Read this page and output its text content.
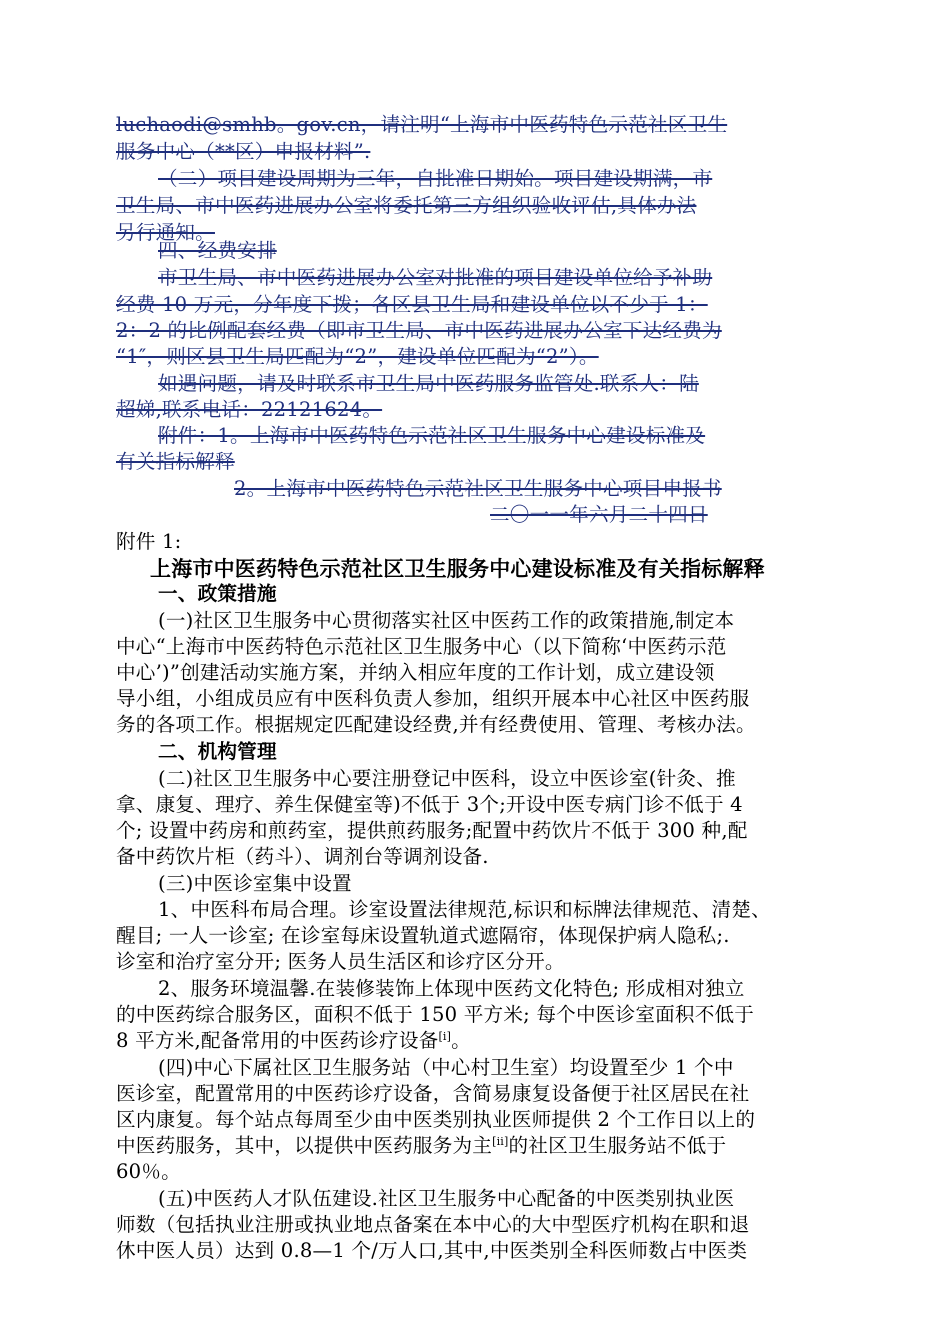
luchaodi@smhb。gov.cn，请注明“上海市中医药特色示范社区卫生
服务中心（**区）申报材料”.
（二）项目建设周期为三年，自批准日期始。项目建设期满，市
卫生局、市中医药进展办公室将委托第三方组织验收评估,具体办法
另行通知。
四、经费安排
市卫生局、市中医药进展办公室对批准的项目建设单位给予补助
经费 10 万元，分年度下拨；各区县卫生局和建设单位以不少于 1：
2：2 的比例配套经费（即市卫生局、市中医药进展办公室下达经费为
“1″，则区县卫生局匹配为“2”，建设单位匹配为“2”）。
如遇问题，请及时联系市卫生局中医药服务监管处.联系人：陆
超娣,联系电话：22121624。
附件：1。上海市中医药特色示范社区卫生服务中心建设标准及
有关指标解释
2。上海市中医药特色示范社区卫生服务中心项目申报书
二〇一一年六月二十四日
附件 1:
上海市中医药特色示范社区卫生服务中心建设标准及有关指标解释
一、政策措施
(一)社区卫生服务中心贯彻落实社区中医药工作的政策措施,制定本
中心“上海市中医药特色示范社区卫生服务中心（以下简称‘中医药示范
中心’)”创建活动实施方案，并纳入相应年度的工作计划，成立建设领
导小组，小组成员应有中医科负责人参加，组织开展本中心社区中医药服
务的各项工作。根据规定匹配建设经费,并有经费使用、管理、考核办法。
二、机构管理
(二)社区卫生服务中心要注册登记中医科，设立中医诊室(针灸、推
拿、康复、理疗、养生保健室等)不低于 3个;开设中医专病门诊不低于 4
个; 设置中药房和煎药室，提供煎药服务;配置中药饮片不低于 300 种,配
备中药饮片柜（药斗）、调剂台等调剂设备.
(三)中医诊室集中设置
1、中医科布局合理。诊室设置法律规范,标识和标牌法律规范、清楚、
醒目; 一人一诊室; 在诊室每床设置轨道式遮隔帘，体现保护病人隐私;.
诊室和治疗室分开; 医务人员生活区和诊疗区分开。
2、服务环境温馨.在装修装饰上体现中医药文化特色; 形成相对独立
的中医药综合服务区，面积不低于 150 平方米; 每个中医诊室面积不低于
8 平方米,配备常用的中医药诊疗设备[i]。
(四)中心下属社区卫生服务站（中心村卫生室）均设置至少 1 个中
医诊室，配置常用的中医药诊疗设备，含简易康复设备便于社区居民在社
区内康复。每个站点每周至少由中医类别执业医师提供 2 个工作日以上的
中医药服务，其中，以提供中医药服务为主[ii]的社区卫生服务站不低于
60％。
(五)中医药人才队伍建设.社区卫生服务中心配备的中医类别执业医
师数（包括执业注册或执业地点备案在本中心的大中型医疗机构在职和退
休中医人员）达到 0.8—1 个/万人口,其中,中医类别全科医师数占中医类
